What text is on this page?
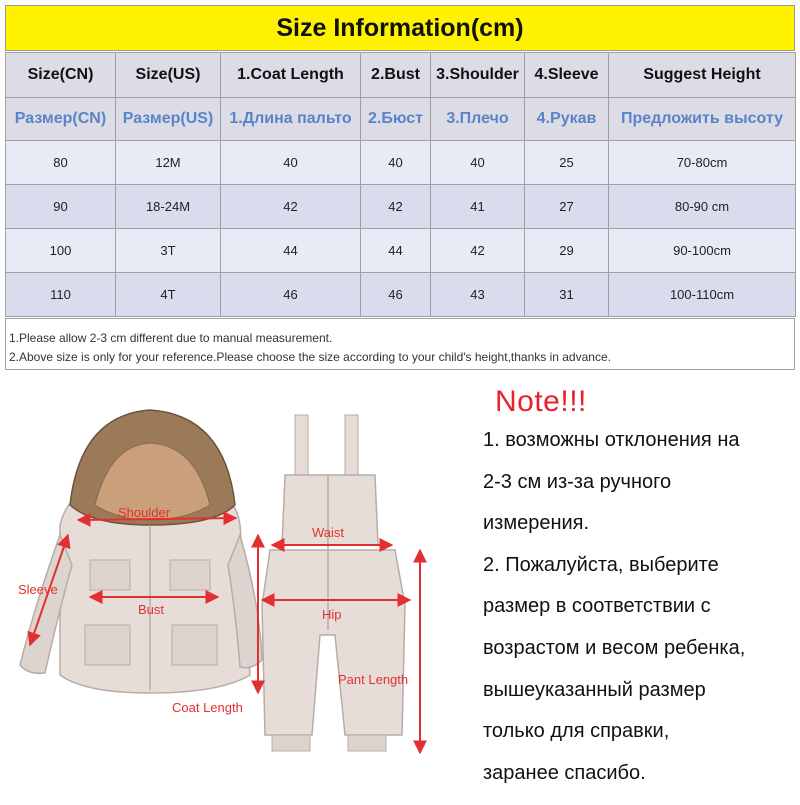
Size Information(cm)
Size(CN)	Size(US)	1.Coat Length	2.Bust	3.Shoulder	4.Sleeve	Suggest Height
Размер(CN)	Размер(US)	1.Длина пальто	2.Бюст	3.Плечо	4.Рукав	Предложить высоту
80	12M	40	40	40	25	70-80cm
90	18-24M	42	42	41	27	80-90 cm
100	3T	44	44	42	29	90-100cm
110	4T	46	46	43	31	100-110cm
1.Please allow 2-3 cm different due to manual measurement.
2.Above size is only for your reference.Please choose the size according to your child's height,thanks in advance.
Shoulder
Sleeve
Bust
Coat Length
Waist
Hip
Pant Length
Note!!!
1. возможны отклонения на
2-3 см из-за ручного
измерения.
2. Пожалуйста, выберите
размер в соответствии с
возрастом и весом ребенка,
вышеуказанный размер
только для справки,
заранее спасибо.
